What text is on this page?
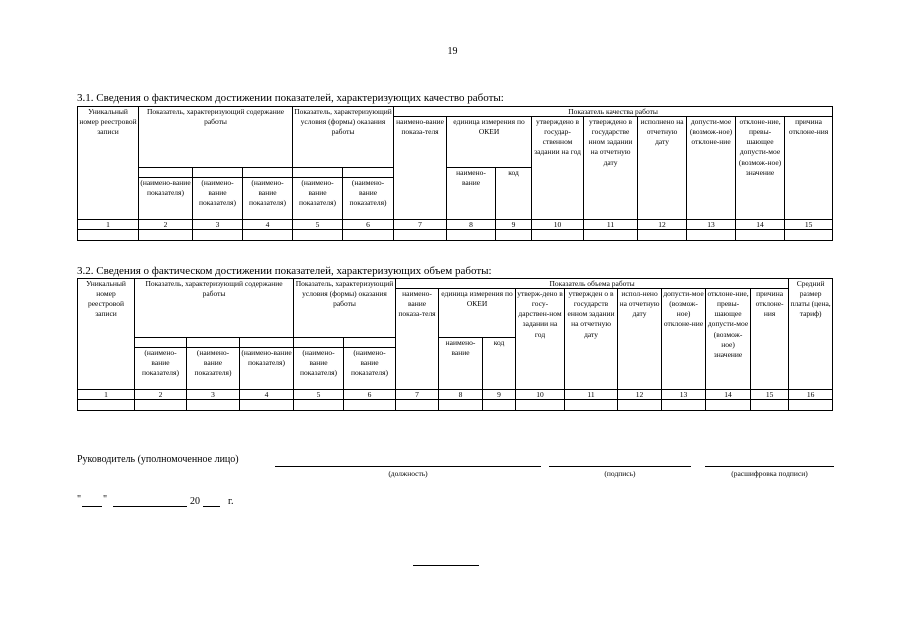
19
3.1. Сведения о фактическом достижении показателей, характеризующих качество работы:
Уникальный номер реестровой записи	Показатель, характеризующий содержание работы			Показатель, характеризующий условия (формы) оказания работы		Показатель качества работы								
						наимено-вание показа-теля	единица измерения по ОКЕИ		утверждено в государ-ственном задании на год	утверждено в государстве нном задании на отчетную дату	исполнено на отчетную дату	допусти-мое (возмож-ное) отклоне-ние	отклоне-ние, превы-шающее допусти-мое (возмож-ное) значение	причина отклоне-ния
							наимено-вание	код						
	(наимено-вание показателя)	(наимено-вание показателя)	(наимено-вание показателя)	(наимено-вание показателя)	(наимено-вание показателя)									
1	2	3	4	5	6	7	8	9	10	11	12	13	14	15

3.2. Сведения о фактическом достижении показателей, характеризующих объем работы:
Уникальный номер реестровой записи	Показатель, характеризующий содержание работы			Показатель, характеризующий условия (формы) оказания работы		Показатель объема работы									Средний размер платы (цена, тариф)
						наимено-вание показа-теля	единица измерения по ОКЕИ		утверж-дено в госу-дарствен-ном задании на год	утвержден о в государств енном задании на отчетную дату	испол-нено на отчетную дату	допусти-мое (возмож-ное) отклоне-ние	отклоне-ние, превы-шающее допусти-мое (возмож-ное) значение	причина отклоне-ния	
							наимено-вание	код							
	(наимено-вание показателя)	(наимено-вание показателя)	(наимено-вание показателя)	(наимено-вание показателя)	(наимено-вание показателя)										
1	2	3	4	5	6	7	8	9	10	11	12	13	14	15	16

Руководитель (уполномоченное лицо)
(должность)	(подпись)	(расшифровка подписи)
" "	20	г.
